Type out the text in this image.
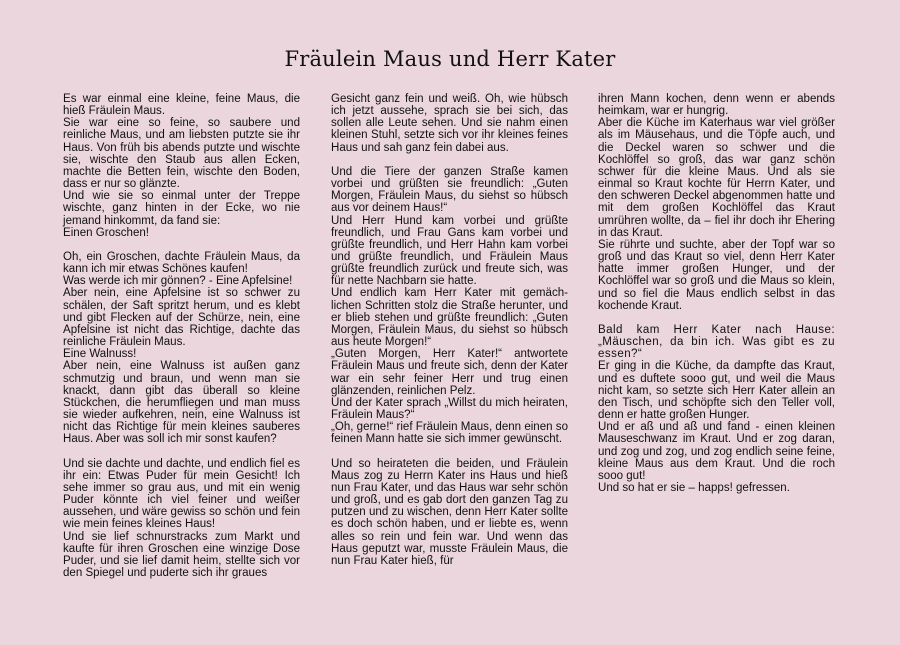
Fräulein Maus und Herr Kater

Es war einmal eine kleine, feine Maus, die hieß Fräulein Maus.

Sie war eine so feine, so saubere und reinliche Maus, und am liebsten putzte sie ihr Haus. Von früh bis abends putzte und wischte sie, wischte den Staub aus allen Ecken, machte die Betten fein, wischte den Boden, dass er nur so glänzte.

Und wie sie so einmal unter der Treppe wischte, ganz hinten in der Ecke, wo nie jemand hinkommt, da fand sie:

Einen Groschen!

Oh, ein Groschen, dachte Fräulein Maus, da kann ich mir etwas Schönes kaufen!

Was werde ich mir gönnen? - Eine Apfelsine!

Aber nein, eine Apfelsine ist so schwer zu schälen, der Saft spritzt herum, und es klebt und gibt Flecken auf der Schürze, nein, eine Apfelsine ist nicht das Richtige, dachte das reinliche Fräulein Maus.

Eine Walnuss!

Aber nein, eine Walnuss ist außen ganz schmutzig und braun, und wenn man sie knackt, dann gibt das überall so kleine Stückchen, die herumfliegen und man muss sie wieder aufkehren, nein, eine Walnuss ist nicht das Richtige für mein kleines sauberes Haus. Aber was soll ich mir sonst kaufen?

Und sie dachte und dachte, und endlich fiel es ihr ein: Etwas Puder für mein Gesicht! Ich sehe immer so grau aus, und mit ein wenig Puder könnte ich viel feiner und weißer aussehen, und wäre gewiss so schön und fein wie mein feines kleines Haus!

Und sie lief schnurstracks zum Markt und kaufte für ihren Groschen eine winzige Dose Puder, und sie lief damit heim, stellte sich vor den Spiegel und puderte sich ihr graues

Gesicht ganz fein und weiß. Oh, wie hübsch ich jetzt aussehe, sprach sie bei sich, das sollen alle Leute sehen. Und sie nahm einen kleinen Stuhl, setzte sich vor ihr kleines feines Haus und sah ganz fein dabei aus.

Und die Tiere der ganzen Straße kamen vorbei und grüßten sie freundlich: „Guten Morgen, Fräulein Maus, du siehst so hübsch aus vor deinem Haus!“

Und Herr Hund kam vorbei und grüßte freundlich, und Frau Gans kam vorbei und grüßte freundlich, und Herr Hahn kam vorbei und grüßte freundlich, und Fräulein Maus grüßte freundlich zurück und freute sich, was für nette Nachbarn sie hatte.

Und endlich kam Herr Kater mit gemäch-lichen Schritten stolz die Straße herunter, und er blieb stehen und grüßte freundlich: „Guten Morgen, Fräulein Maus, du siehst so hübsch aus heute Morgen!“

„Guten Morgen, Herr Kater!“ antwortete Fräulein Maus und freute sich, denn der Kater war ein sehr feiner Herr und trug einen glänzenden, reinlichen Pelz.

Und der Kater sprach „Willst du mich heiraten, Fräulein Maus?“

„Oh, gerne!“ rief Fräulein Maus, denn einen so feinen Mann hatte sie sich immer gewünscht.

Und so heirateten die beiden, und Fräulein Maus zog zu Herrn Kater ins Haus und hieß nun Frau Kater, und das Haus war sehr schön und groß, und es gab dort den ganzen Tag zu putzen und zu wischen, denn Herr Kater sollte es doch schön haben, und er liebte es, wenn alles so rein und fein war. Und wenn das Haus geputzt war, musste Fräulein Maus, die nun Frau Kater hieß, für

ihren Mann kochen, denn wenn er abends heimkam, war er hungrig.

Aber die Küche im Katerhaus war viel größer als im Mäusehaus, und die Töpfe auch, und die Deckel waren so schwer und die Kochlöffel so groß, das war ganz schön schwer für die kleine Maus. Und als sie einmal so Kraut kochte für Herrn Kater, und den schweren Deckel abgenommen hatte und mit dem großen Kochlöffel das Kraut umrühren wollte, da – fiel ihr doch ihr Ehering in das Kraut.

Sie rührte und suchte, aber der Topf war so groß und das Kraut so viel, denn Herr Kater hatte immer großen Hunger, und der Kochlöffel war so groß und die Maus so klein, und so fiel die Maus endlich selbst in das kochende Kraut.

Bald kam Herr Kater nach Hause: „Mäuschen, da bin ich. Was gibt es zu essen?“

Er ging in die Küche, da dampfte das Kraut, und es duftete sooo gut, und weil die Maus nicht kam, so setzte sich Herr Kater allein an den Tisch, und schöpfte sich den Teller voll, denn er hatte großen Hunger.

Und er aß und aß und fand - einen kleinen Mauseschwanz im Kraut. Und er zog daran, und zog und zog, und zog endlich seine feine, kleine Maus aus dem Kraut. Und die roch sooo gut!

Und so hat er sie – happs! gefressen.
